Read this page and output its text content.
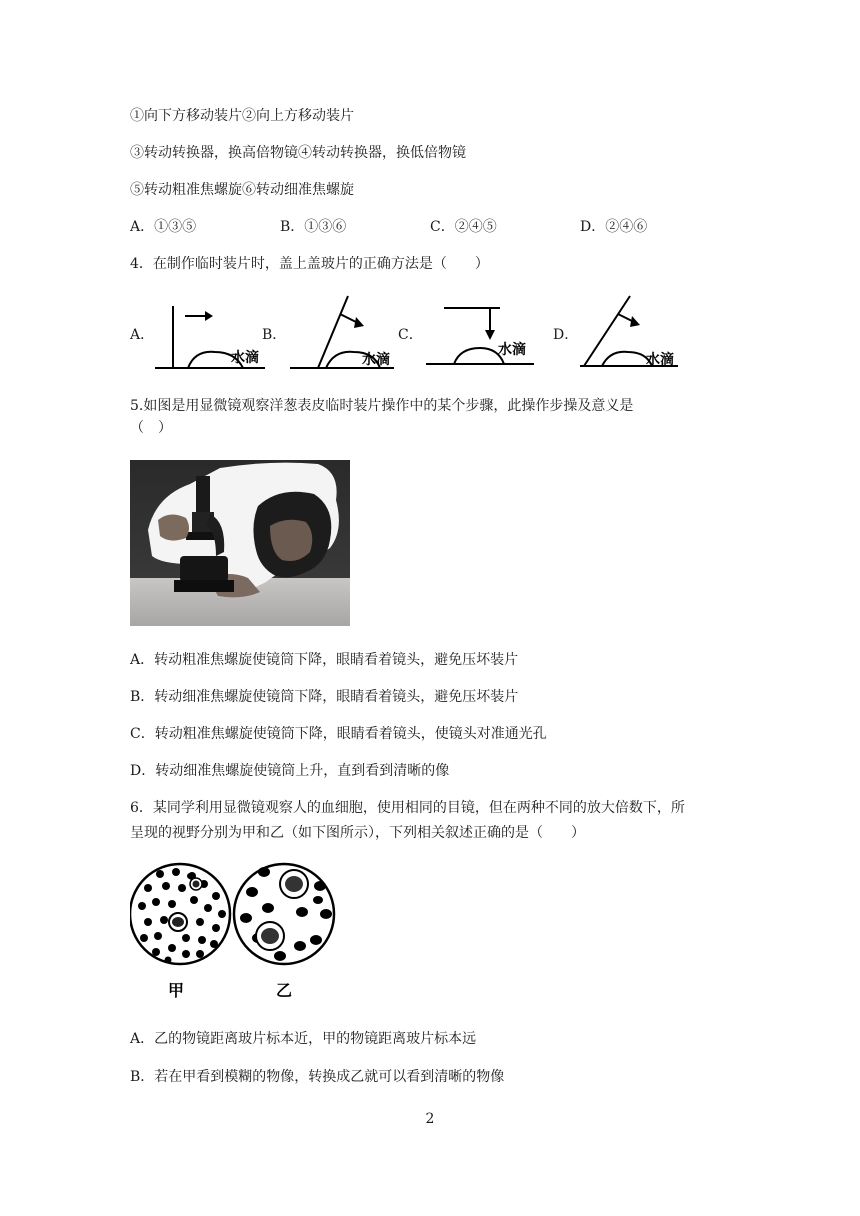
①向下方移动装片②向上方移动装片
③转动转换器，换高倍物镜④转动转换器，换低倍物镜
⑤转动粗准焦螺旋⑥转动细准焦螺旋
A．①③⑤	B．①③⑥	C．②④⑤	D．②④⑥
4．在制作临时装片时，盖上盖玻片的正确方法是（　　）
A．	B．	C．	D．
水滴	水滴
水滴
水滴
5.如图是用显微镜观察洋葱表皮临时装片操作中的某个步骤，此操作步操及意义是
（　）
A．转动粗准焦螺旋使镜筒下降，眼睛看着镜头，避免压坏装片
B．转动细准焦螺旋使镜筒下降，眼睛看着镜头，避免压坏装片
C．转动粗准焦螺旋使镜筒下降，眼睛看着镜头，使镜头对准通光孔
D．转动细准焦螺旋使镜筒上升，直到看到清晰的像
6．某同学利用显微镜观察人的血细胞，使用相同的目镜，但在两种不同的放大倍数下，所
呈现的视野分别为甲和乙（如下图所示），下列相关叙述正确的是（　　）
甲	乙
A．乙的物镜距离玻片标本近，甲的物镜距离玻片标本远
B．若在甲看到模糊的物像，转换成乙就可以看到清晰的物像
2
